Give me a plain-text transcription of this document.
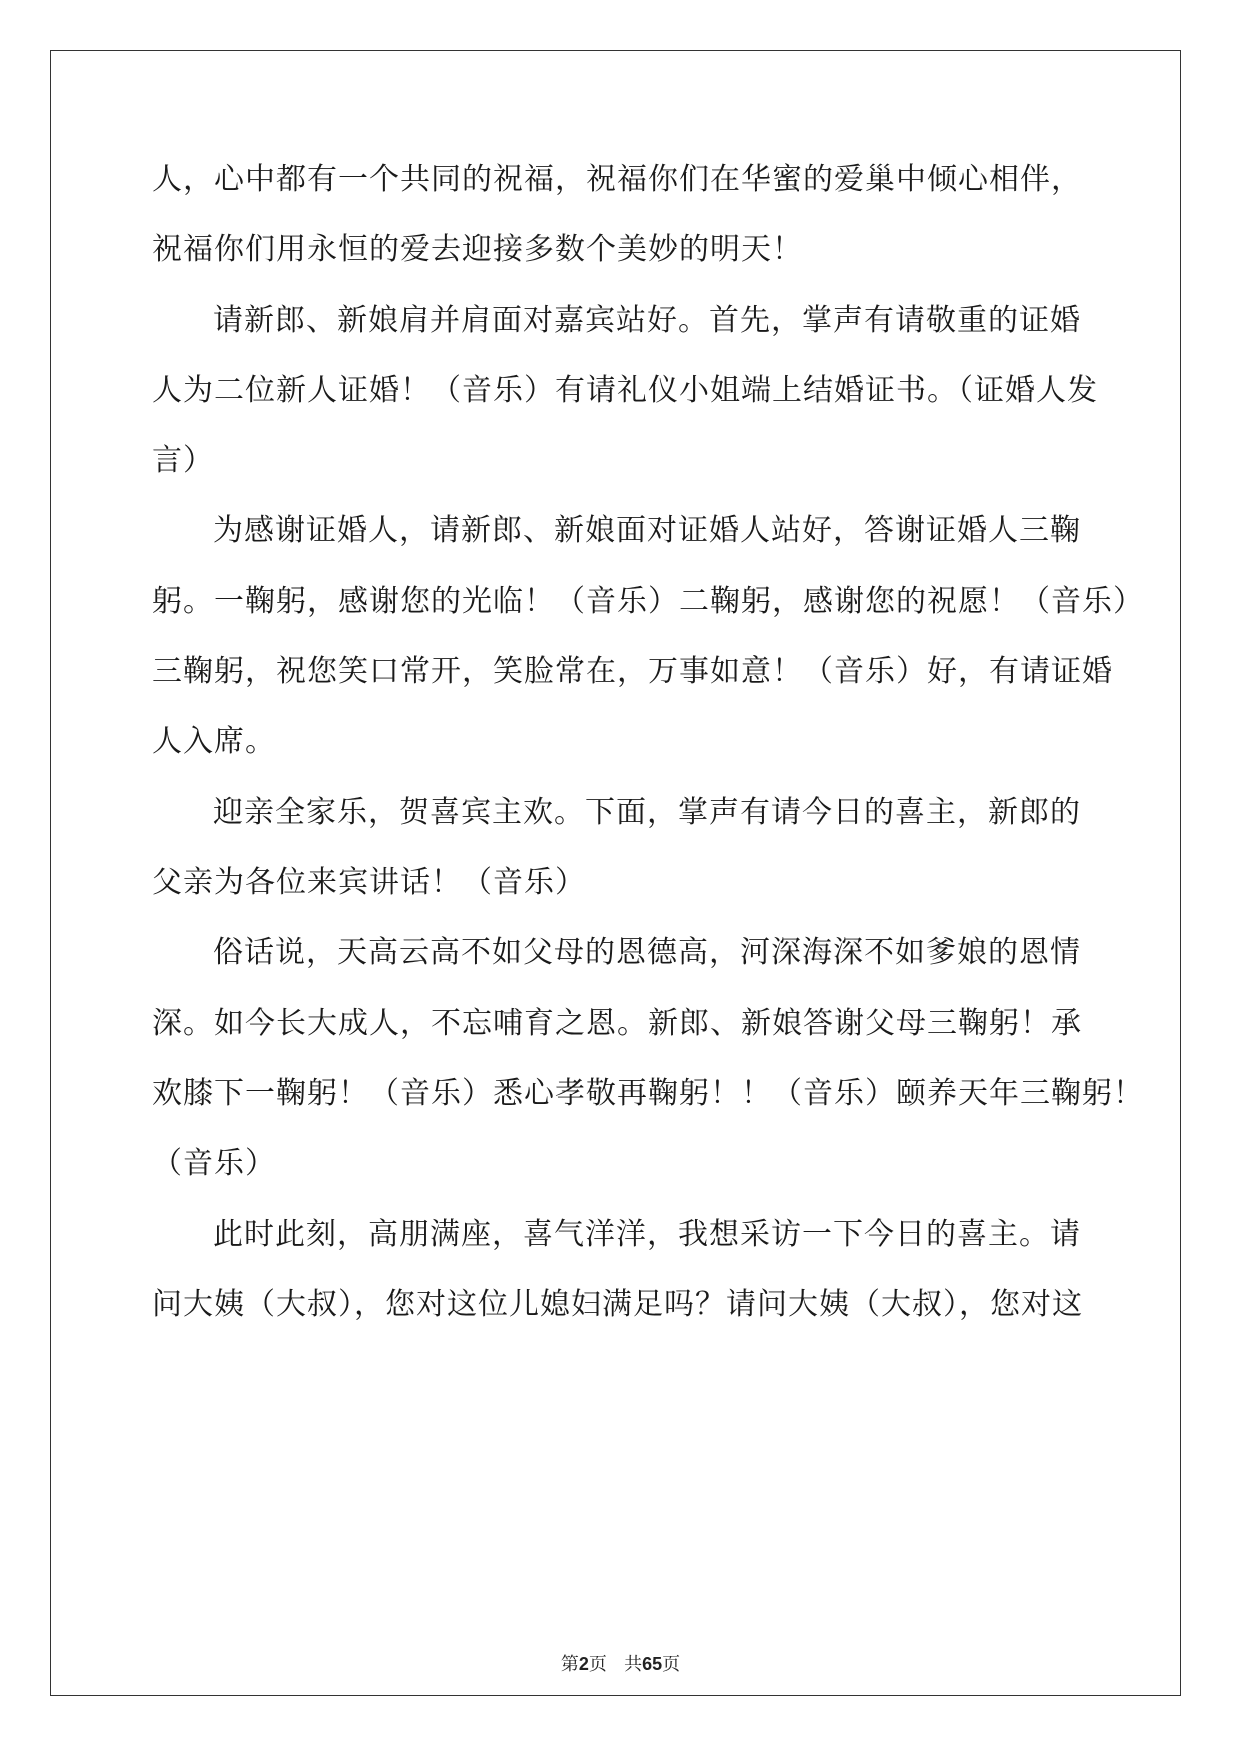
人，心中都有一个共同的祝福，祝福你们在华蜜的爱巢中倾心相伴，
祝福你们用永恒的爱去迎接多数个美妙的明天！
请新郎、新娘肩并肩面对嘉宾站好。首先，掌声有请敬重的证婚
人为二位新人证婚！（音乐）有请礼仪小姐端上结婚证书。（证婚人发
言）
为感谢证婚人，请新郎、新娘面对证婚人站好，答谢证婚人三鞠
躬。一鞠躬，感谢您的光临！（音乐）二鞠躬，感谢您的祝愿！（音乐）
三鞠躬，祝您笑口常开，笑脸常在，万事如意！（音乐）好，有请证婚
人入席。
迎亲全家乐，贺喜宾主欢。下面，掌声有请今日的喜主，新郎的
父亲为各位来宾讲话！（音乐）
俗话说，天高云高不如父母的恩德高，河深海深不如爹娘的恩情
深。如今长大成人，不忘哺育之恩。新郎、新娘答谢父母三鞠躬！承
欢膝下一鞠躬！（音乐）悉心孝敬再鞠躬！！（音乐）颐养天年三鞠躬！
（音乐）
此时此刻，高朋满座，喜气洋洋，我想采访一下今日的喜主。请
问大姨（大叔），您对这位儿媳妇满足吗？请问大姨（大叔），您对这
第2页 共65页
